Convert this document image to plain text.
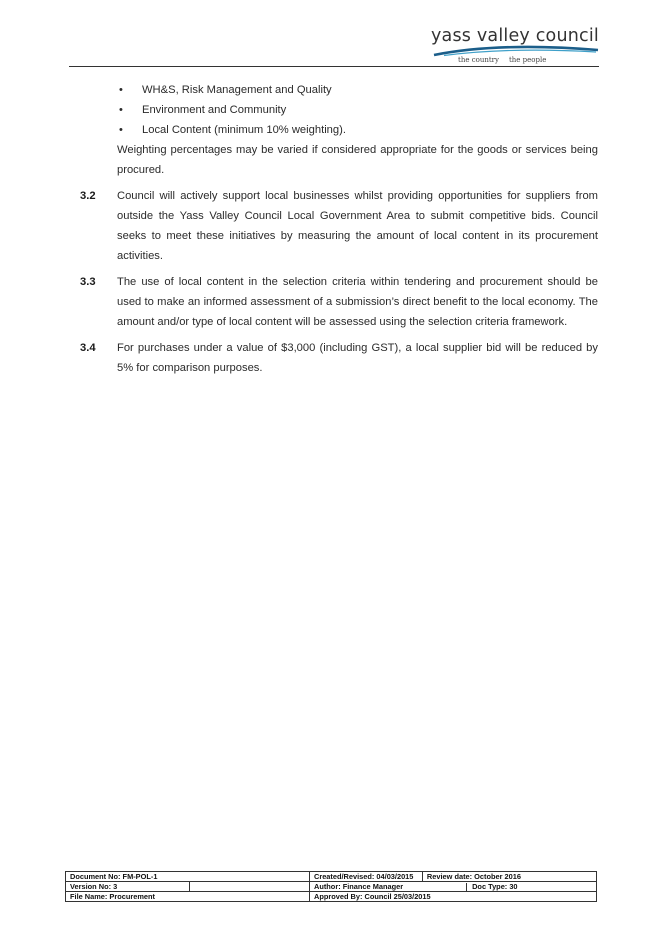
yass valley council
the country the people
• WH&S, Risk Management and Quality
• Environment and Community
• Local Content (minimum 10% weighting).
Weighting percentages may be varied if considered appropriate for the goods or services being procured.
3.2 Council will actively support local businesses whilst providing opportunities for suppliers from outside the Yass Valley Council Local Government Area to submit competitive bids. Council seeks to meet these initiatives by measuring the amount of local content in its procurement activities.
3.3 The use of local content in the selection criteria within tendering and procurement should be used to make an informed assessment of a submission’s direct benefit to the local economy. The amount and/or type of local content will be assessed using the selection criteria framework.
3.4 For purchases under a value of $3,000 (including GST), a local supplier bid will be reduced by 5% for comparison purposes.
Document No: FM-POL-1		Created/Revised: 04/03/2015	Review date: October 2016
Version No: 3		Author: Finance Manager Doc Type: 30	
File Name: Procurement		Approved By: Council 25/03/2015	
